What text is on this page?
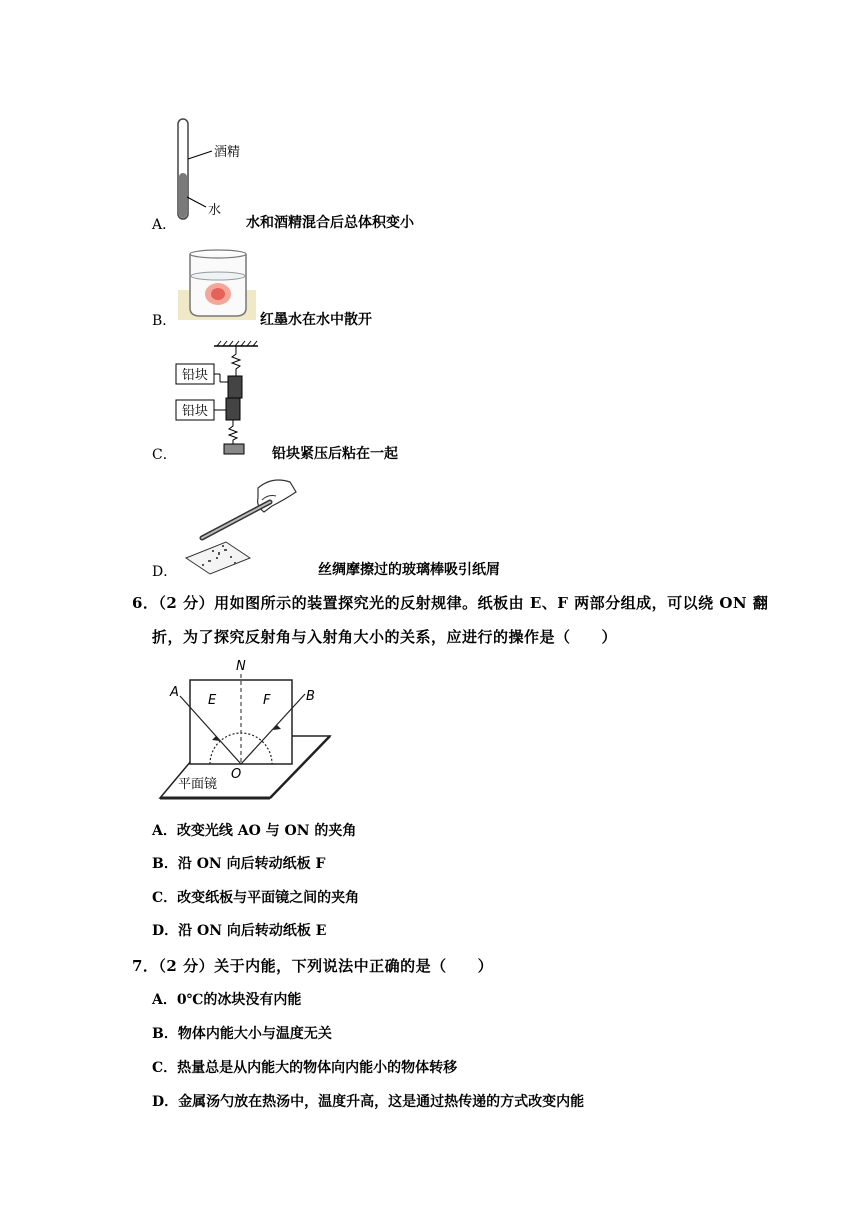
A．
酒精
水
水和酒精混合后总体积变小
B．	红墨水在水中散开
C．
铅块
铅块
铅块紧压后粘在一起
D．	丝绸摩擦过的玻璃棒吸引纸屑
6．（2 分）用如图所示的装置探究光的反射规律。纸板由 E、F 两部分组成，可以绕 ON 翻
折，为了探究反射角与入射角大小的关系，应进行的操作是（　　）
N
A	B
E	F
O
平面镜
A．改变光线 AO 与 ON 的夹角
B．沿 ON 向后转动纸板 F
C．改变纸板与平面镜之间的夹角
D．沿 ON 向后转动纸板 E
7．（2 分）关于内能，下列说法中正确的是（　　）
A．0℃的冰块没有内能
B．物体内能大小与温度无关
C．热量总是从内能大的物体向内能小的物体转移
D．金属汤勺放在热汤中，温度升高，这是通过热传递的方式改变内能
